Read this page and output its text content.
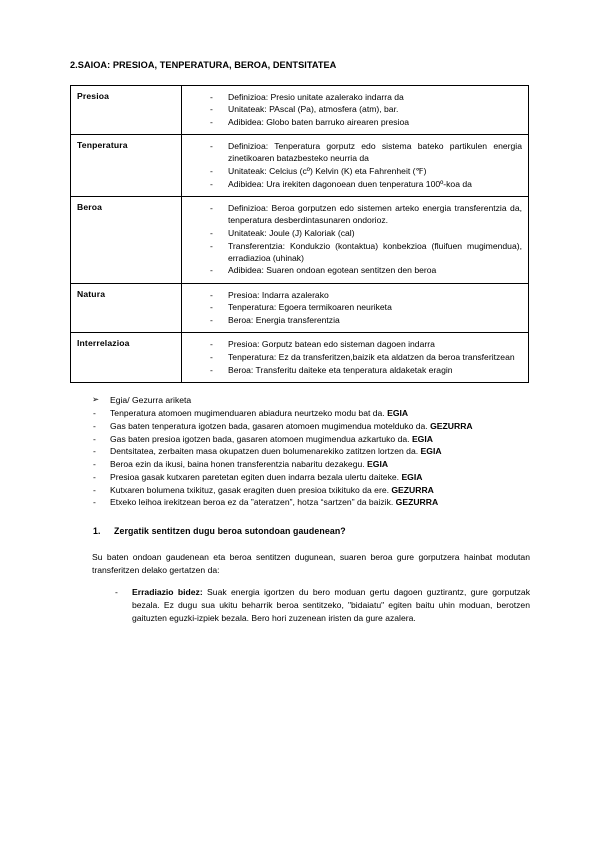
2.SAIOA: PRESIOA, TENPERATURA, BEROA, DENTSITATEA
Presioa	
-Definizioa: Presio unitate azalerako indarra da
- Unitateak: PAscal (Pa), atmosfera (atm), bar.
- Adibidea: Globo baten barruko airearen presioa

Tenperatura	
-Definizioa: Tenperatura gorputz edo sistema bateko partikulen energia zinetikoaren batazbesteko neurria da
- Unitateak: Celcius (cº) Kelvin (K) eta Fahrenheit (℉)
- Adibidea: Ura irekiten dagonoean duen tenperatura 100º-koa da

Beroa	
-Definizioa: Beroa gorputzen edo sistemen arteko energia transferentzia da, tenperatura desberdintasunaren ondorioz.
- Unitateak: Joule (J) Kaloriak (cal)
- Transferentzia: Kondukzio (kontaktua) konbekzioa (fluifuen mugimendua), erradiazioa (uhinak)
- Adibidea: Suaren ondoan egotean sentitzen den beroa

Natura	
-Presioa: Indarra azalerako
- Tenperatura: Egoera termikoaren neuriketa
- Beroa: Energia transferentzia

Interrelazioa	
-Presioa: Gorputz batean edo sisteman dagoen indarra
- Tenperatura: Ez da transferitzen,baizik eta aldatzen da beroa transferitzean
- Beroa: Transferitu daiteke eta tenperatura aldaketak eragin
➢ Egia/ Gezurra ariketa
- Tenperatura atomoen mugimenduaren abiadura neurtzeko modu bat da. EGIA
- Gas baten tenperatura igotzen bada, gasaren atomoen mugimendua motelduko da. GEZURRA
- Gas baten presioa igotzen bada, gasaren atomoen mugimendua azkartuko da. EGIA
- Dentsitatea, zerbaiten masa okupatzen duen bolumenarekiko zatitzen lortzen da. EGIA
- Beroa ezin da ikusi, baina honen transferentzia nabaritu dezakegu. EGIA
- Presioa gasak kutxaren paretetan egiten duen indarra bezala ulertu daiteke. EGIA
- Kutxaren bolumena txikituz, gasak eragiten duen presioa txikituko da ere. GEZURRA
- Etxeko leihoa irekitzean beroa ez da ”ateratzen”, hotza “sartzen” da baizik. GEZURRA
1. Zergatik sentitzen dugu beroa sutondoan gaudenean?

Su baten ondoan gaudenean eta beroa sentitzen dugunean, suaren beroa gure gorputzera hainbat modutan transferitzen delako gertatzen da:

- Erradiazio bidez: Suak energia igortzen du bero moduan gertu dagoen guztirantz, gure gorputzak bezala. Ez dugu sua ukitu beharrik beroa sentitzeko, "bidaiatu" egiten baitu uhin moduan, berotzen gaituzten eguzki-izpiek bezala. Bero hori zuzenean iristen da gure azalera.
